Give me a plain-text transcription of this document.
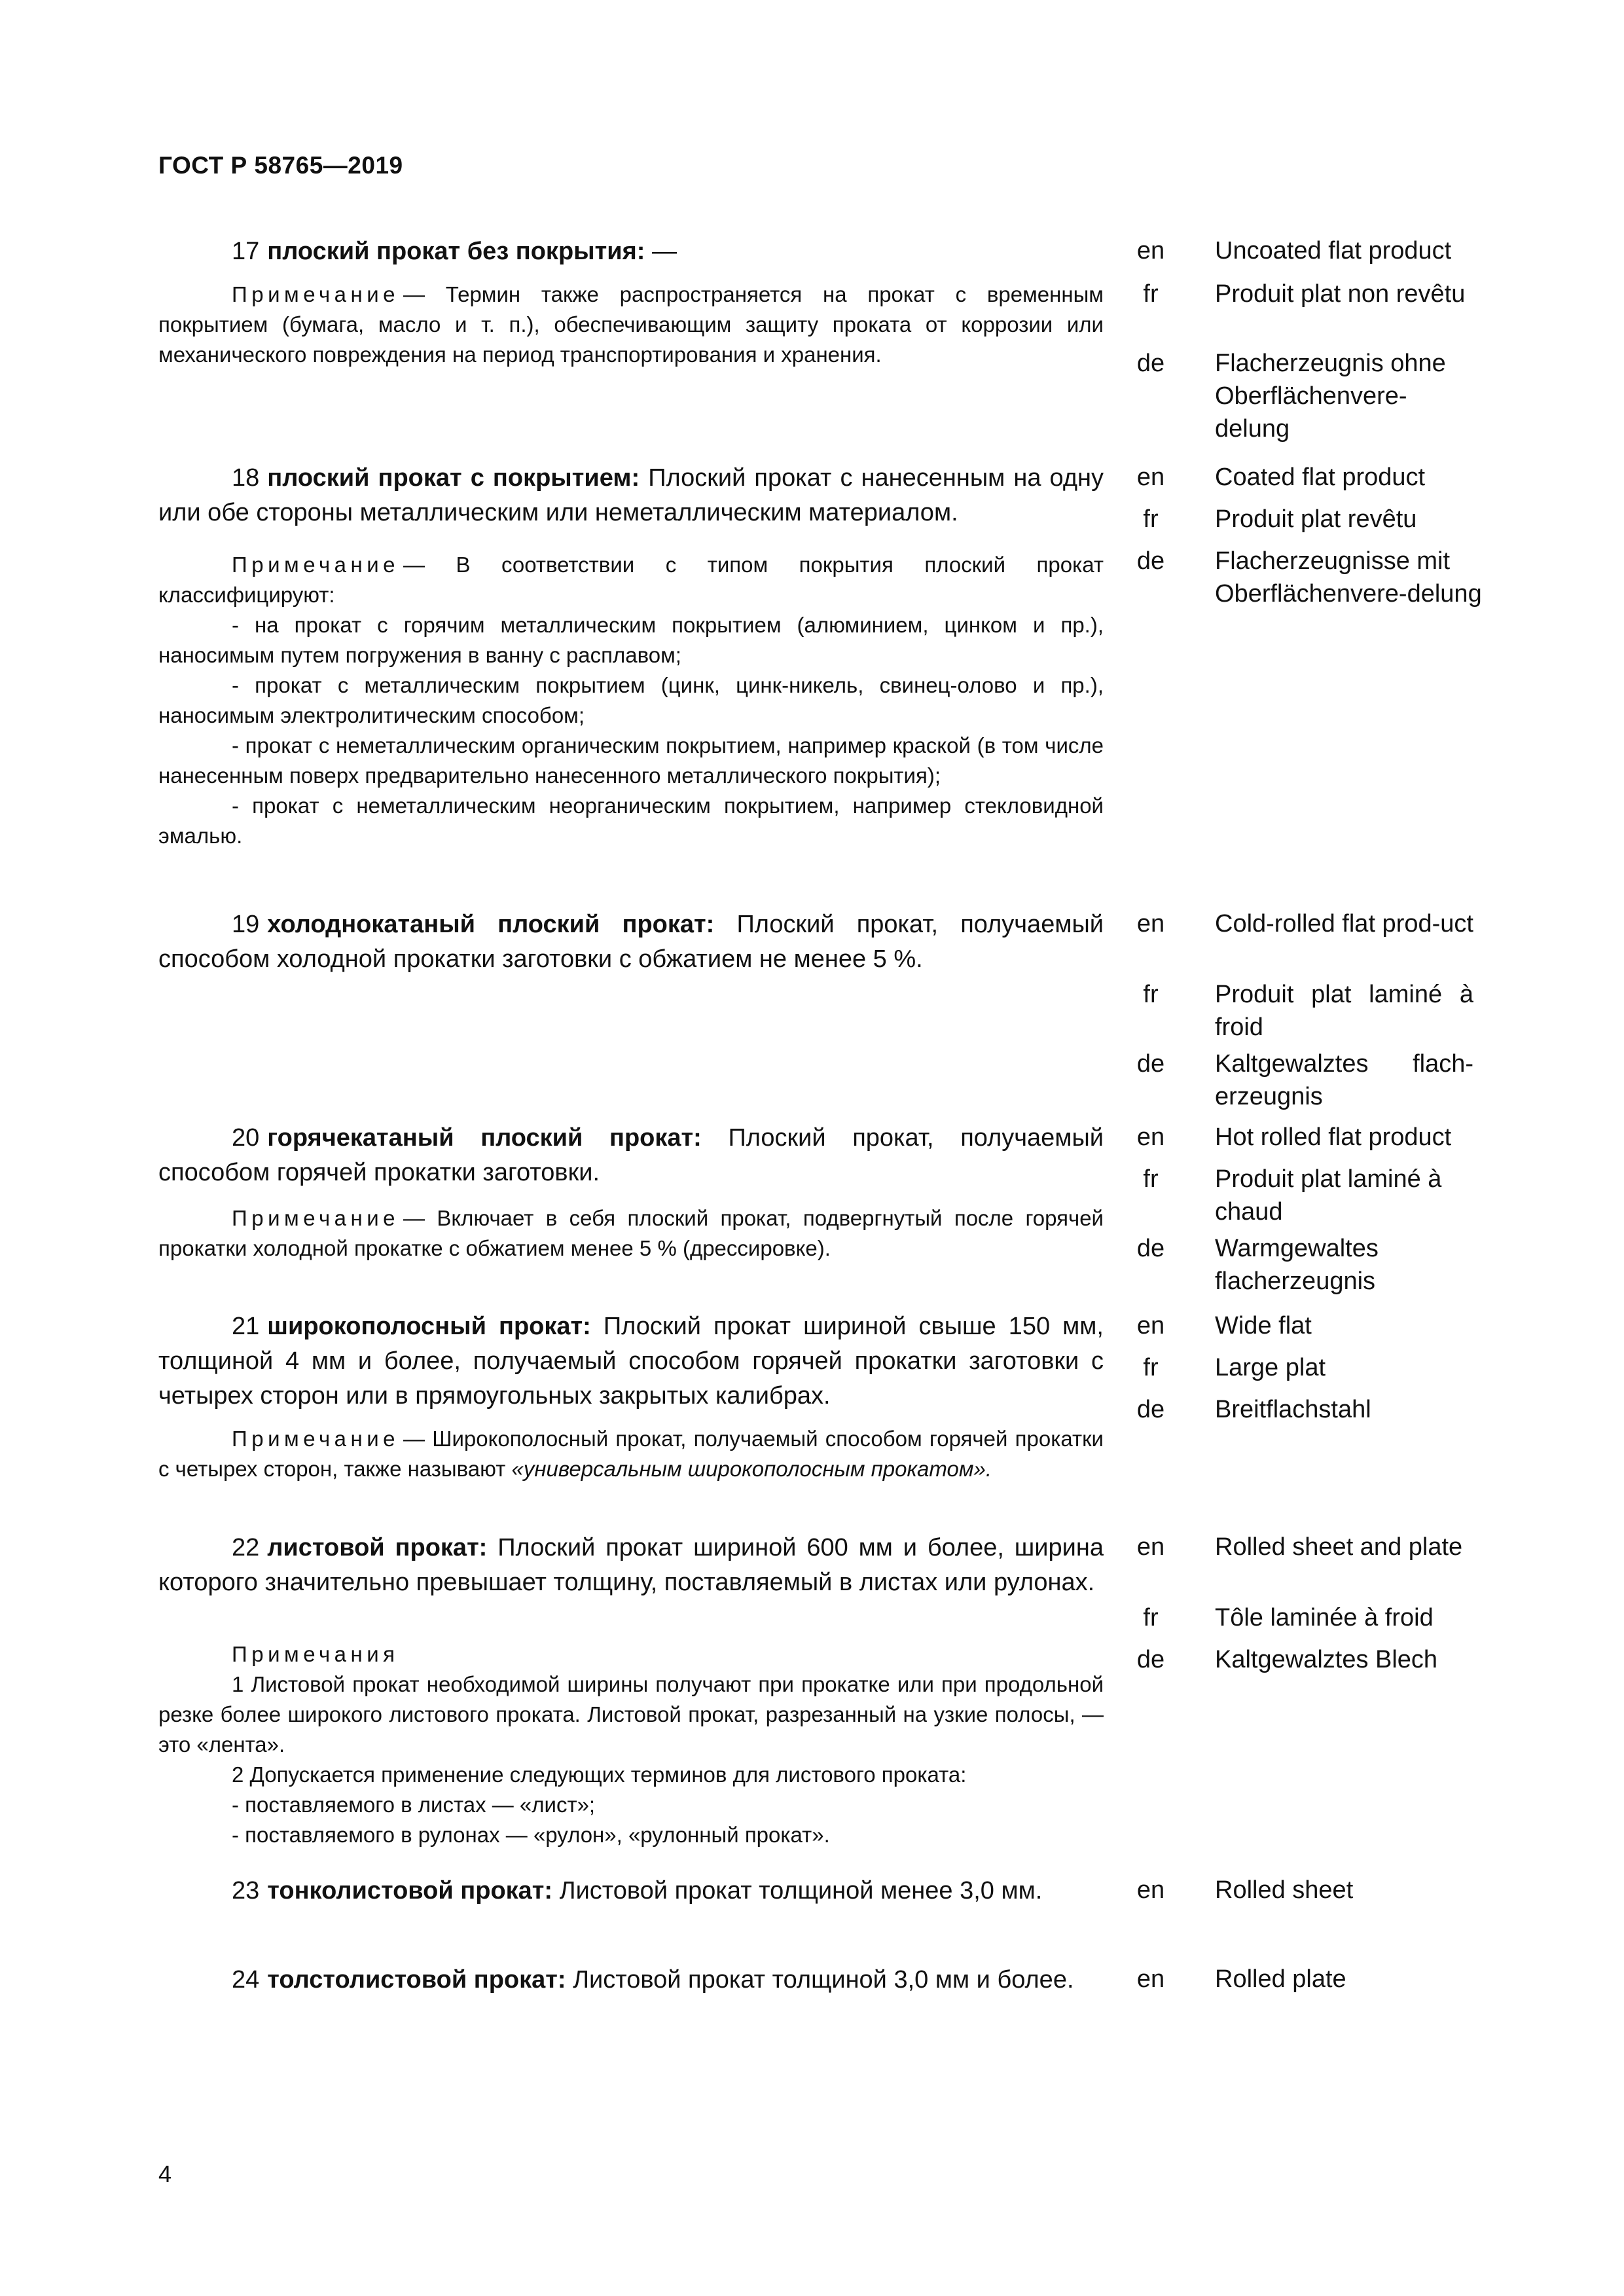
ГОСТ Р 58765—2019

17 плоский прокат без покрытия: —

Примечание — Термин также распространяется на прокат с временным покрытием (бумага, масло и т. п.), обеспечивающим защиту проката от коррозии или механического повреждения на период транспортирования и хранения.

en	Uncoated flat product
fr	Produit plat non revêtu
de	Flacherzeugnis ohne Oberflächenvere-delung

18 плоский прокат с покрытием: Плоский прокат с нанесенным на одну или обе стороны металлическим или неметаллическим материалом.

Примечание — В соответствии с типом покрытия плоский прокат классифицируют:

- на прокат с горячим металлическим покрытием (алюминием, цинком и пр.), наносимым путем погружения в ванну с расплавом;

- прокат с металлическим покрытием (цинк, цинк-никель, свинец-олово и пр.), наносимым электролитическим способом;

- прокат с неметаллическим органическим покрытием, например краской (в том числе нанесенным поверх предварительно нанесенного металлического покрытия);

- прокат с неметаллическим неорганическим покрытием, например стекловидной эмалью.

en	Coated flat product
fr	Produit plat revêtu
de	Flacherzeugnisse mit Oberflächenvere-delung

19 холоднокатаный плоский прокат: Плоский прокат, получаемый способом холодной прокатки заготовки с обжатием не менее 5 %.

en	Cold-rolled flat prod-uct
fr	Produit plat laminé à froid
de	Kaltgewalztes flach-erzeugnis

20 горячекатаный плоский прокат: Плоский прокат, получаемый способом горячей прокатки заготовки.

Примечание — Включает в себя плоский прокат, подвергнутый после горячей прокатки холодной прокатке с обжатием менее 5 % (дрессировке).

en	Hot rolled flat product
fr	Produit plat laminé à chaud
de	Warmgewaltes flacherzeugnis

21 широкополосный прокат: Плоский прокат шириной свыше 150 мм, толщиной 4 мм и более, получаемый способом горячей прокатки заготовки с четырех сторон или в прямоугольных закрытых калибрах.

Примечание — Широкополосный прокат, получаемый способом горячей прокатки с четырех сторон, также называют «универсальным широкополосным прокатом».

en	Wide flat
fr	Large plat
de	Breitflachstahl

22 листовой прокат: Плоский прокат шириной 600 мм и более, ширина которого значительно превышает толщину, поставляемый в листах или рулонах.

Примечания

1 Листовой прокат необходимой ширины получают при прокатке или при продольной резке более широкого листового проката. Листовой прокат, разрезанный на узкие полосы, — это «лента».

2 Допускается применение следующих терминов для листового проката:

- поставляемого в листах — «лист»;

- поставляемого в рулонах — «рулон», «рулонный прокат».

en	Rolled sheet and plate
fr	Tôle laminée à froid
de	Kaltgewalztes Blech

23 тонколистовой прокат: Листовой прокат толщиной менее 3,0 мм.	en	Rolled sheet

24 толстолистовой прокат: Листовой прокат толщиной 3,0 мм и более.	en	Rolled plate
4
